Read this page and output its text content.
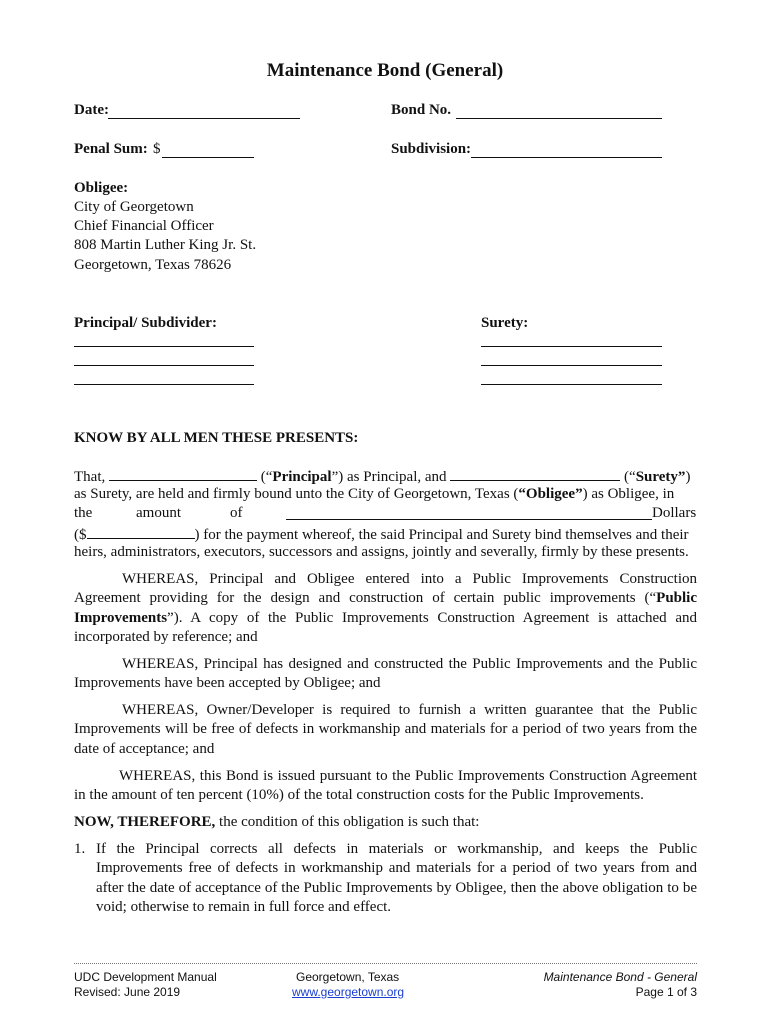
Maintenance Bond (General)
Date:	Bond No.
Penal Sum: $	Subdivision:
Obligee:
City of Georgetown
Chief Financial Officer
808 Martin Luther King Jr. St.
Georgetown, Texas 78626
Principal/ Subdivider:	Surety:
KNOW BY ALL MEN THESE PRESENTS:
That,	(“Principal”) as Principal, and	(“Surety”)
as Surety, are held and firmly bound unto the City of Georgetown, Texas (“Obligee”) as Obligee, in
the	amount	of	Dollars
($	) for the payment whereof, the said Principal and Surety bind themselves and their
heirs, administrators, executors, successors and assigns, jointly and severally, firmly by these presents.
WHEREAS, Principal and Obligee entered into a Public Improvements Construction Agreement providing for the design and construction of certain public improvements (“Public Improvements”). A copy of the Public Improvements Construction Agreement is attached and incorporated by reference; and
WHEREAS, Principal has designed and constructed the Public Improvements and the Public Improvements have been accepted by Obligee; and
WHEREAS, Owner/Developer is required to furnish a written guarantee that the Public Improvements will be free of defects in workmanship and materials for a period of two years from the date of acceptance; and
WHEREAS, this Bond is issued pursuant to the Public Improvements Construction Agreement in the amount of ten percent (10%) of the total construction costs for the Public Improvements.
NOW, THEREFORE, the condition of this obligation is such that:
1. If the Principal corrects all defects in materials or workmanship, and keeps the Public Improvements free of defects in workmanship and materials for a period of two years from and after the date of acceptance of the Public Improvements by Obligee, then the above obligation to be void; otherwise to remain in full force and effect.
UDC Development Manual
Revised: June 2019
Georgetown, Texas
www.georgetown.org
Maintenance Bond - General
Page 1 of 3
